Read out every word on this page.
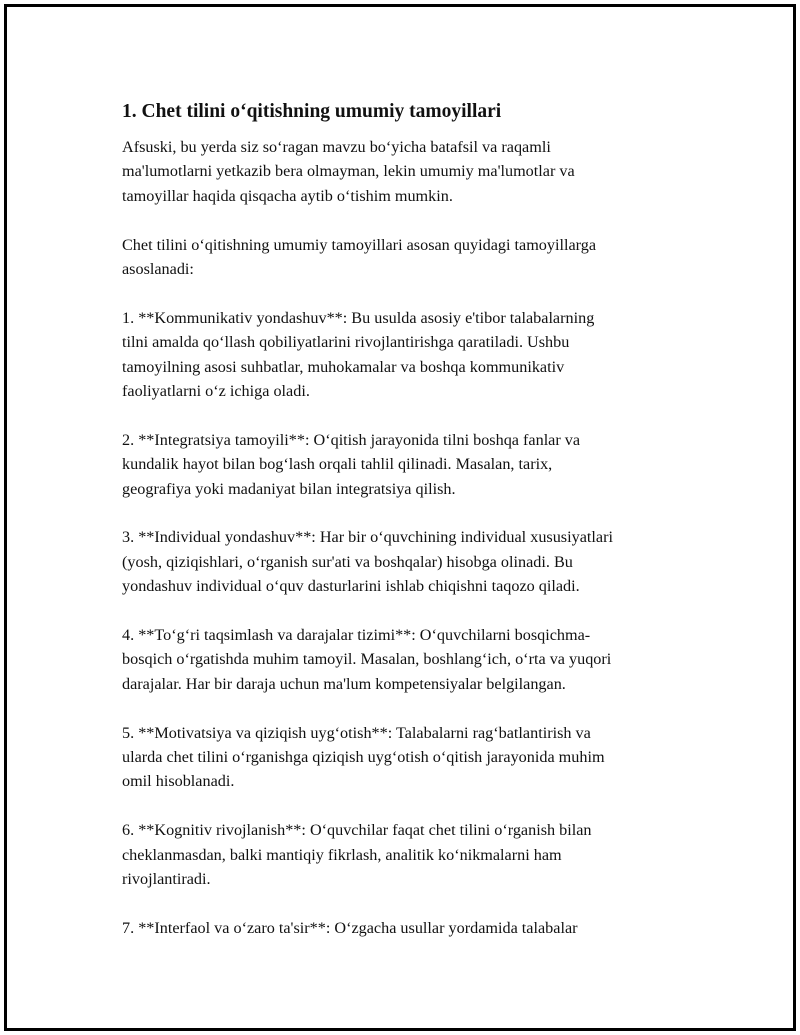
1. Chet tilini o‘qitishning umumiy tamoyillari

Afsuski, bu yerda siz so‘ragan mavzu bo‘yicha batafsil va raqamli
ma'lumotlarni yetkazib bera olmayman, lekin umumiy ma'lumotlar va
tamoyillar haqida qisqacha aytib o‘tishim mumkin.

Chet tilini o‘qitishning umumiy tamoyillari asosan quyidagi tamoyillarga
asoslanadi:

1. **Kommunikativ yondashuv**: Bu usulda asosiy e'tibor talabalarning
tilni amalda qo‘llash qobiliyatlarini rivojlantirishga qaratiladi. Ushbu
tamoyilning asosi suhbatlar, muhokamalar va boshqa kommunikativ
faoliyatlarni o‘z ichiga oladi.

2. **Integratsiya tamoyili**: O‘qitish jarayonida tilni boshqa fanlar va
kundalik hayot bilan bog‘lash orqali tahlil qilinadi. Masalan, tarix,
geografiya yoki madaniyat bilan integratsiya qilish.

3. **Individual yondashuv**: Har bir o‘quvchining individual xususiyatlari
(yosh, qiziqishlari, o‘rganish sur'ati va boshqalar) hisobga olinadi. Bu
yondashuv individual o‘quv dasturlarini ishlab chiqishni taqozo qiladi.

4. **To‘g‘ri taqsimlash va darajalar tizimi**: O‘quvchilarni bosqichma-
bosqich o‘rgatishda muhim tamoyil. Masalan, boshlang‘ich, o‘rta va yuqori
darajalar. Har bir daraja uchun ma'lum kompetensiyalar belgilangan.

5. **Motivatsiya va qiziqish uyg‘otish**: Talabalarni rag‘batlantirish va
ularda chet tilini o‘rganishga qiziqish uyg‘otish o‘qitish jarayonida muhim
omil hisoblanadi.

6. **Kognitiv rivojlanish**: O‘quvchilar faqat chet tilini o‘rganish bilan
cheklanmasdan, balki mantiqiy fikrlash, analitik ko‘nikmalarni ham
rivojlantiradi.

7. **Interfaol va o‘zaro ta'sir**: O‘zgacha usullar yordamida talabalar
